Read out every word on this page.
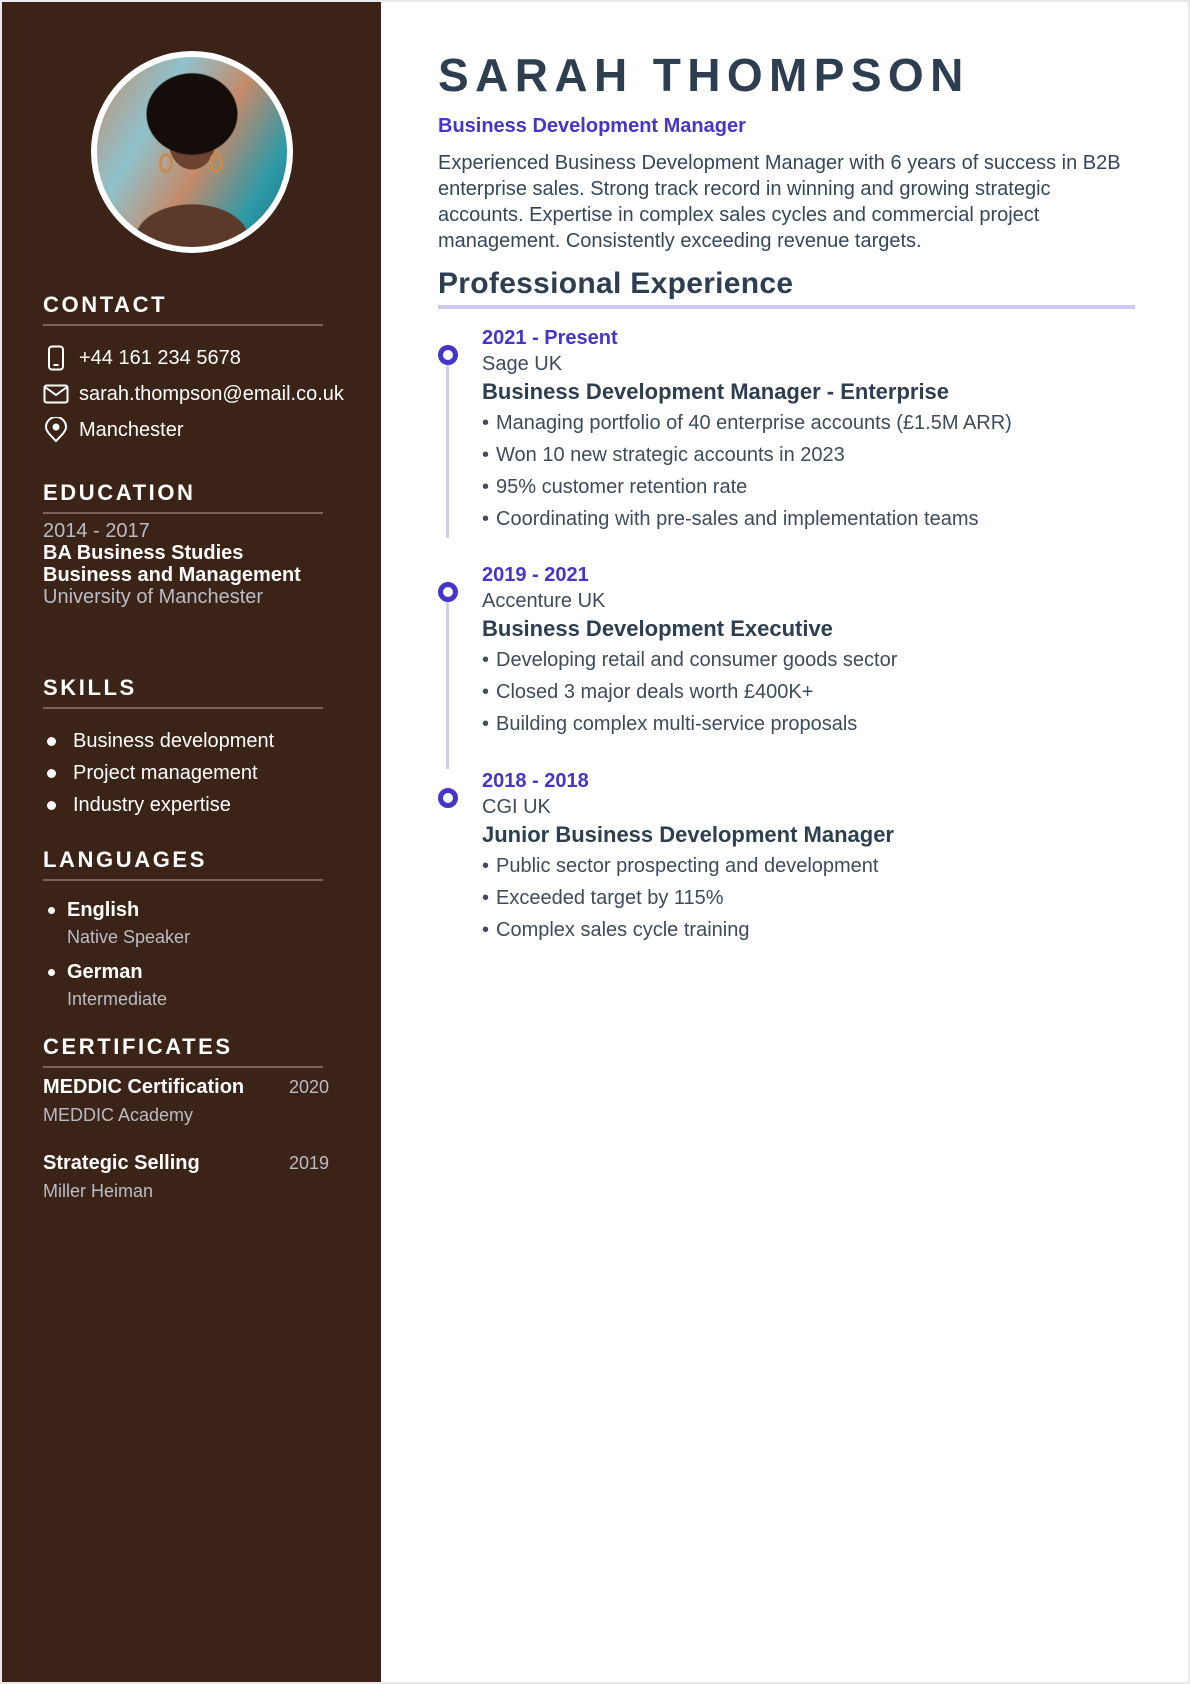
CONTACT
+44 161 234 5678
sarah.thompson@email.co.uk
Manchester
EDUCATION
2014 - 2017
BA Business Studies
Business and Management
University of Manchester
SKILLS
Business development
Project management
Industry expertise
LANGUAGES
English
Native Speaker
German
Intermediate
CERTIFICATES
MEDDIC Certification 2020
MEDDIC Academy
Strategic Selling	2019
Miller Heiman
SARAH THOMPSON
Business Development Manager

Experienced Business Development Manager with 6 years of success in B2B enterprise sales. Strong track record in winning and growing strategic accounts. Expertise in complex sales cycles and commercial project management. Consistently exceeding revenue targets.

Professional Experience
2021 - Present
Sage UK
Business Development Manager - Enterprise
• Managing portfolio of 40 enterprise accounts (£1.5M ARR)
• Won 10 new strategic accounts in 2023
• 95% customer retention rate
• Coordinating with pre-sales and implementation teams
2019 - 2021
Accenture UK
Business Development Executive
• Developing retail and consumer goods sector
• Closed 3 major deals worth £400K+
• Building complex multi-service proposals
2018 - 2018
CGI UK
Junior Business Development Manager
• Public sector prospecting and development
• Exceeded target by 115%
• Complex sales cycle training
